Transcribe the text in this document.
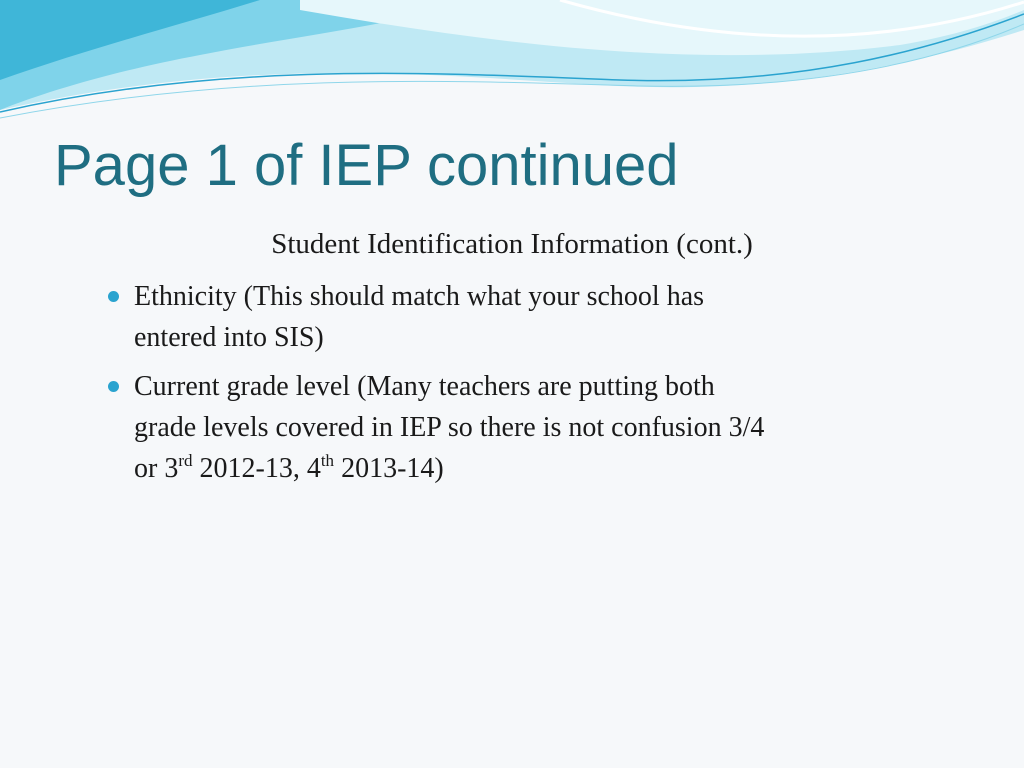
Page 1 of IEP continued
Student Identification Information (cont.)
Ethnicity (This should match what your school has
entered into SIS)
Current grade level (Many teachers are putting both
grade levels covered in IEP so there is not confusion 3/4
or 3rd 2012-13, 4th 2013-14)
